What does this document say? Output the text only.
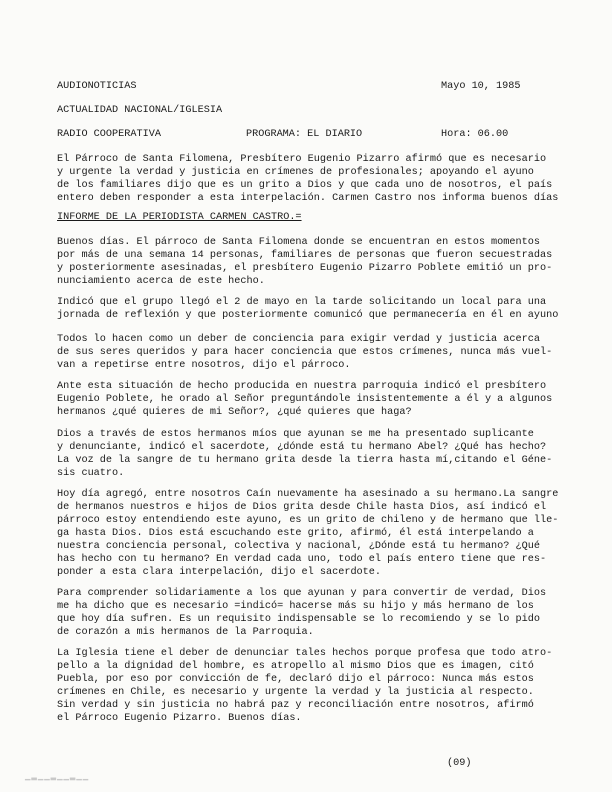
AUDIONOTICIAS	Mayo 10, 1985
ACTUALIDAD NACIONAL/IGLESIA
RADIO COOPERATIVA	PROGRAMA: EL DIARIO	Hora: 06.00
El Párroco de Santa Filomena, Presbítero Eugenio Pizarro afirmó que es necesario
y urgente la verdad y justicia en crímenes de profesionales; apoyando el ayuno
de los familiares dijo que es un grito a Dios y que cada uno de nosotros, el país
entero deben responder a esta interpelación. Carmen Castro nos informa buenos días
INFORME DE LA PERIODISTA CARMEN CASTRO.=
Buenos días. El párroco de Santa Filomena donde se encuentran en estos momentos
por más de una semana 14 personas, familiares de personas que fueron secuestradas
y posteriormente asesinadas, el presbítero Eugenio Pizarro Poblete emitió un pro-
nunciamiento acerca de este hecho.
Indicó que el grupo llegó el 2 de mayo en la tarde solicitando un local para una
jornada de reflexión y que posteriormente comunicó que permanecería en él en ayuno
Todos lo hacen como un deber de conciencia para exigir verdad y justicia acerca
de sus seres queridos y para hacer conciencia que estos crímenes, nunca más vuel-
van a repetirse entre nosotros, dijo el párroco.
Ante esta situación de hecho producida en nuestra parroquia indicó el presbítero
Eugenio Poblete, he orado al Señor preguntándole insistentemente a él y a algunos
hermanos ¿qué quieres de mi Señor?, ¿qué quieres que haga?
Dios a través de estos hermanos míos que ayunan se me ha presentado suplicante
y denunciante, indicó el sacerdote, ¿dónde está tu hermano Abel? ¿Qué has hecho?
La voz de la sangre de tu hermano grita desde la tierra hasta mí,citando el Géne-
sis cuatro.
Hoy día agregó, entre nosotros Caín nuevamente ha asesinado a su hermano.La sangre
de hermanos nuestros e hijos de Dios grita desde Chile hasta Dios, así indicó el
párroco estoy entendiendo este ayuno, es un grito de chileno y de hermano que lle-
ga hasta Dios. Dios está escuchando este grito, afirmó, él está interpelando a
nuestra conciencia personal, colectiva y nacional, ¿Dónde está tu hermano? ¿Qué
has hecho con tu hermano? En verdad cada uno, todo el país entero tiene que res-
ponder a esta clara interpelación, dijo el sacerdote.
Para comprender solidariamente a los que ayunan y para convertir de verdad, Dios
me ha dicho que es necesario =indicó= hacerse más su hijo y más hermano de los
que hoy día sufren. Es un requisito indispensable se lo recomiendo y se lo pido
de corazón a mis hermanos de la Parroquia.
La Iglesia tiene el deber de denunciar tales hechos porque profesa que todo atro-
pello a la dignidad del hombre, es atropello al mismo Dios que es imagen, citó
Puebla, por eso por convicción de fe, declaró dijo el párroco: Nunca más estos
crímenes en Chile, es necesario y urgente la verdad y la justicia al respecto.
Sin verdad y sin justicia no habrá paz y reconciliación entre nosotros, afirmó
el Párroco Eugenio Pizarro. Buenos días.
(09)
▁▂▁▁▂▁▁▂▁▁
